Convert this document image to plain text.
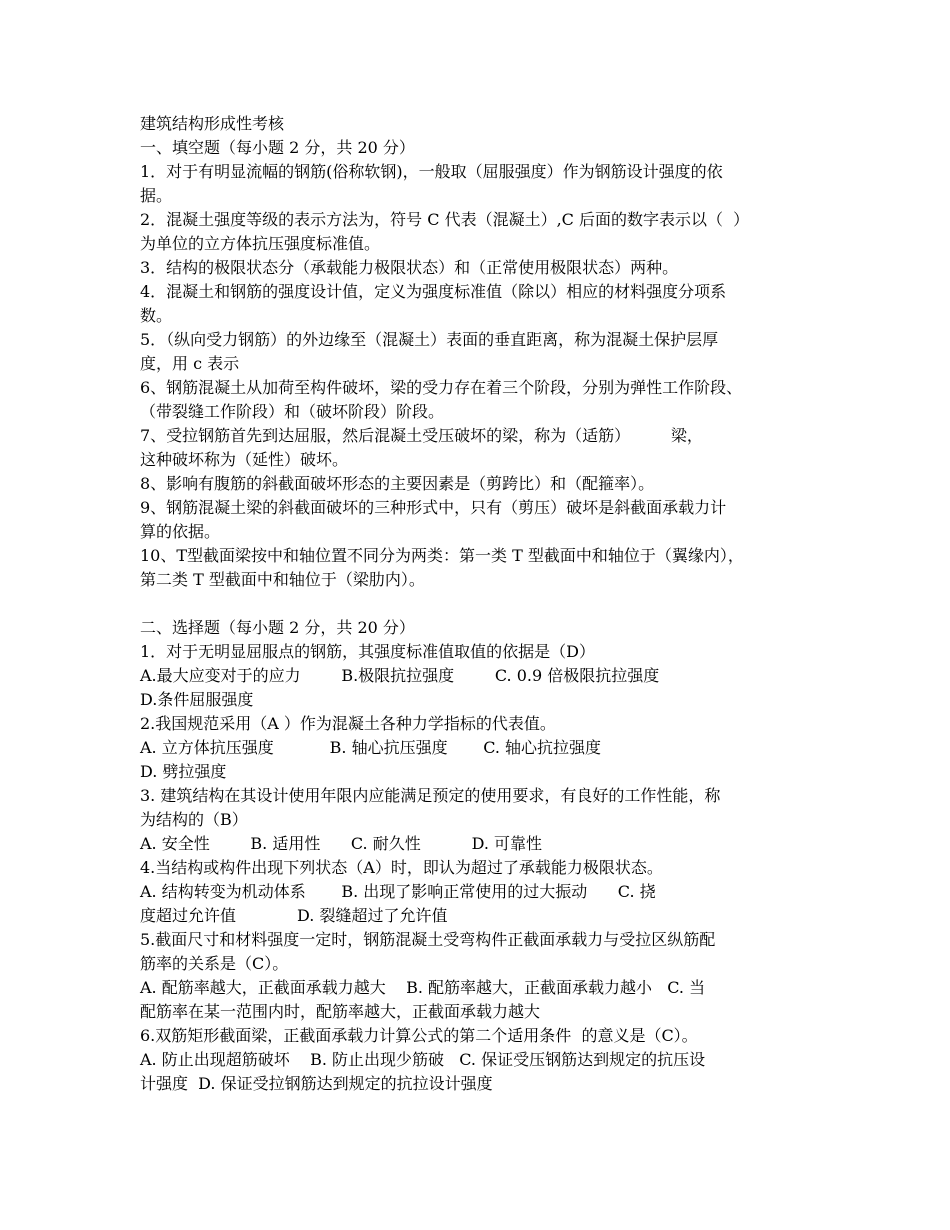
建筑结构形成性考核
一、填空题（每小题 2 分，共 20 分）
1．对于有明显流幅的钢筋(俗称软钢)，一般取（屈服强度）作为钢筋设计强度的依
据。
2．混凝土强度等级的表示方法为，符号 C 代表（混凝土）,C 后面的数字表示以（  ）
为单位的立方体抗压强度标准值。
3．结构的极限状态分（承载能力极限状态）和（正常使用极限状态）两种。
4．混凝土和钢筋的强度设计值，定义为强度标准值（除以）相应的材料强度分项系
数。
5．（纵向受力钢筋）的外边缘至（混凝土）表面的垂直距离，称为混凝土保护层厚
度，用 c 表示
6、钢筋混凝土从加荷至构件破坏，梁的受力存在着三个阶段，分别为弹性工作阶段、
（带裂缝工作阶段）和（破坏阶段）阶段。
7、受拉钢筋首先到达屈服，然后混凝土受压破坏的梁，称为（适筋）        梁，
这种破坏称为（延性）破坏。
8、影响有腹筋的斜截面破坏形态的主要因素是（剪跨比）和（配箍率）。
9、钢筋混凝土梁的斜截面破坏的三种形式中，只有（剪压）破坏是斜截面承载力计
算的依据。
10、T型截面梁按中和轴位置不同分为两类：第一类 T 型截面中和轴位于（翼缘内），
第二类 T 型截面中和轴位于（梁肋内）。
二、选择题（每小题 2 分，共 20 分）
1．对于无明显屈服点的钢筋，其强度标准值取值的依据是（D）
A.最大应变对于的应力        B.极限抗拉强度        C. 0.9 倍极限抗拉强度
D.条件屈服强度
2.我国规范采用（A ）作为混凝土各种力学指标的代表值。
A. 立方体抗压强度           B. 轴心抗压强度       C. 轴心抗拉强度
D. 劈拉强度
3. 建筑结构在其设计使用年限内应能满足预定的使用要求，有良好的工作性能，称
为结构的（B）
A. 安全性        B. 适用性      C. 耐久性          D. 可靠性
4.当结构或构件出现下列状态（A）时，即认为超过了承载能力极限状态。
A. 结构转变为机动体系       B. 出现了影响正常使用的过大振动      C. 挠
度超过允许值            D. 裂缝超过了允许值
5.截面尺寸和材料强度一定时，钢筋混凝土受弯构件正截面承载力与受拉区纵筋配
筋率的关系是（C）。
A. 配筋率越大，正截面承载力越大    B. 配筋率越大，正截面承载力越小   C. 当
配筋率在某一范围内时，配筋率越大，正截面承载力越大
6.双筋矩形截面梁，正截面承载力计算公式的第二个适用条件  的意义是（C）。
A. 防止出现超筋破坏    B. 防止出现少筋破   C. 保证受压钢筋达到规定的抗压设
计强度  D. 保证受拉钢筋达到规定的抗拉设计强度
